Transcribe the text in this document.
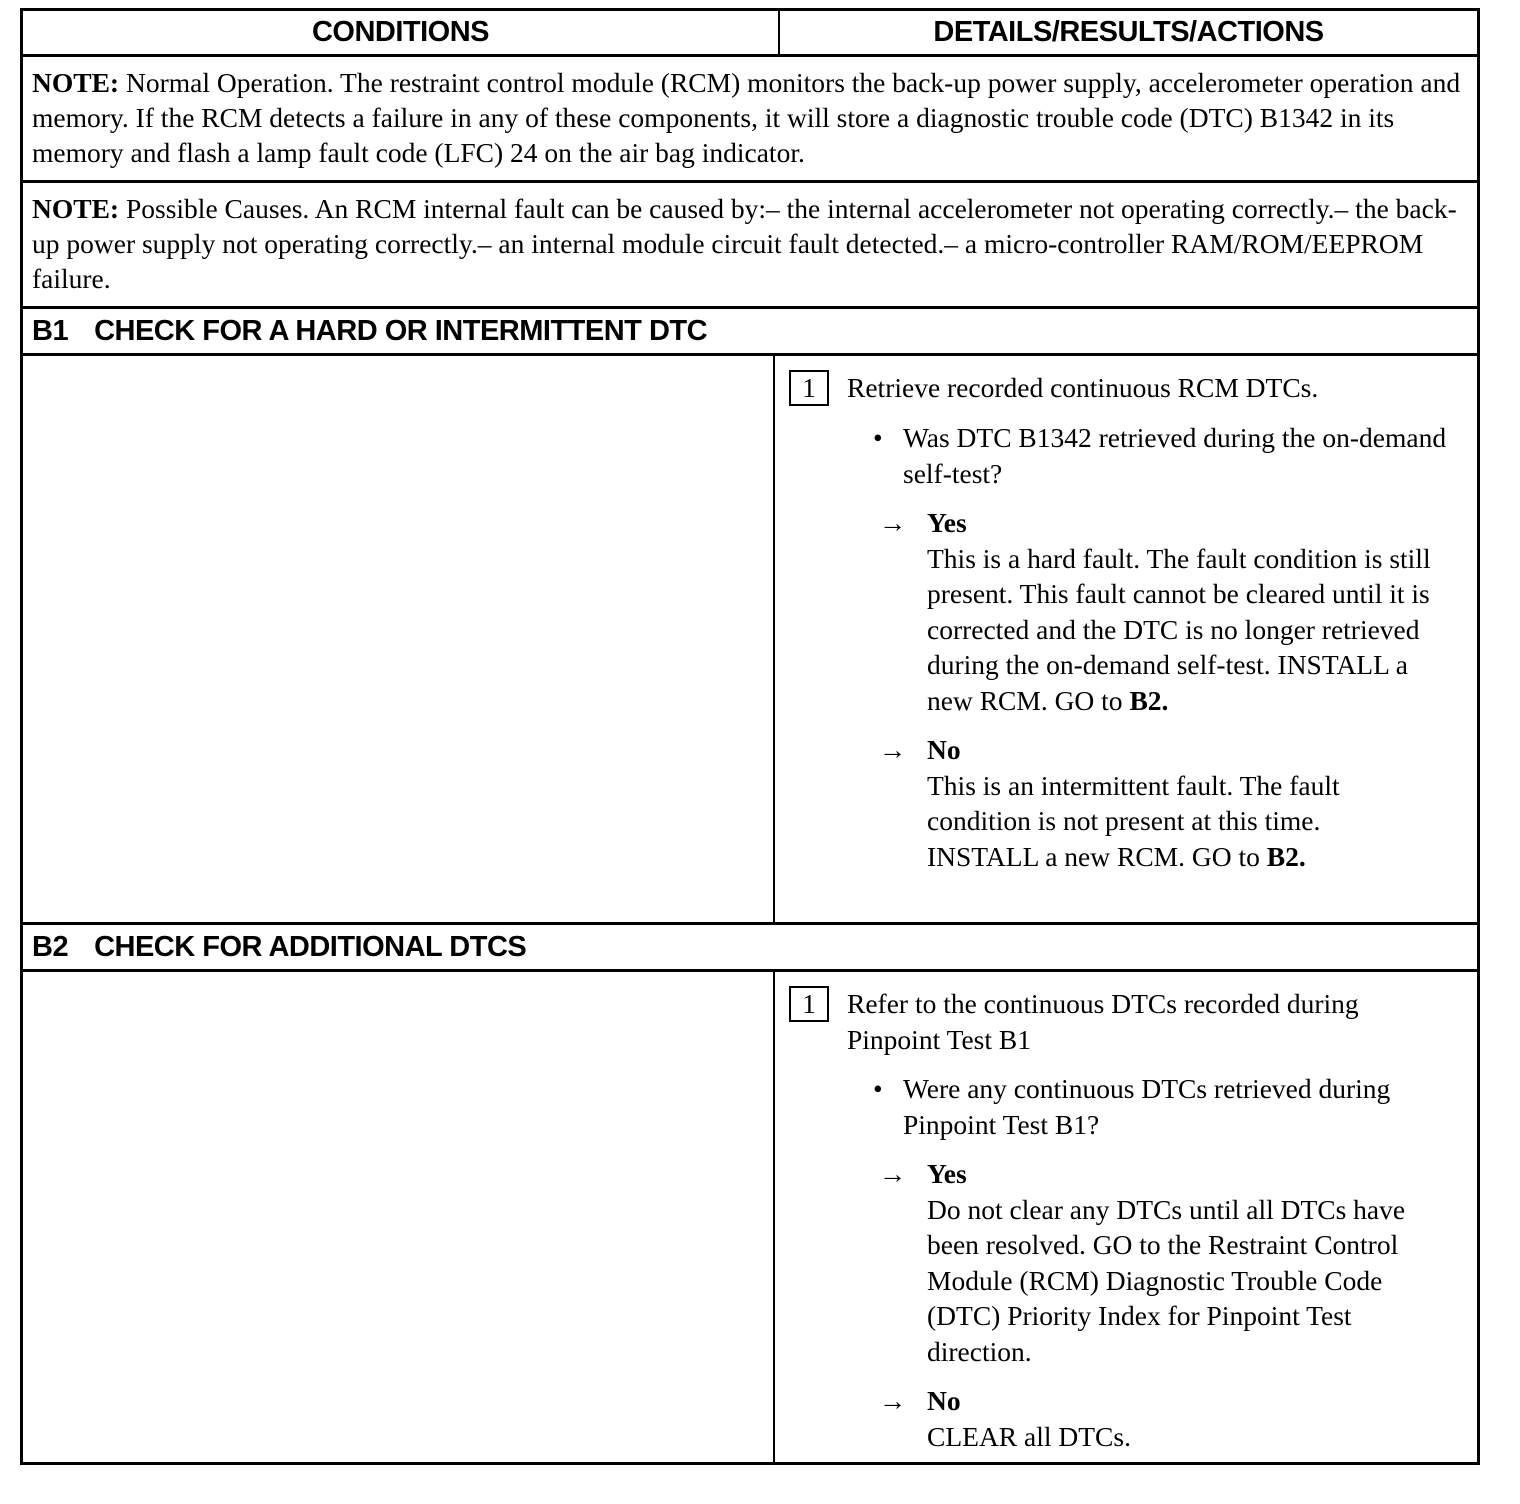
CONDITIONS	DETAILS/RESULTS/ACTIONS
NOTE: Normal Operation. The restraint control module (RCM) monitors the back-up power supply, accelerometer operation and memory. If the RCM detects a failure in any of these components, it will store a diagnostic trouble code (DTC) B1342 in its memory and flash a lamp fault code (LFC) 24 on the air bag indicator.
NOTE: Possible Causes. An RCM internal fault can be caused by:– the internal accelerometer not operating correctly.– the back-up power supply not operating correctly.– an internal module circuit fault detected.– a micro-controller RAM/ROM/EEPROM failure.
B1 CHECK FOR A HARD OR INTERMITTENT DTC
1	Retrieve recorded continuous RCM DTCs.
• Was DTC B1342 retrieved during the on-demand self-test?
→ Yes
This is a hard fault. The fault condition is still present. This fault cannot be cleared until it is corrected and the DTC is no longer retrieved during the on-demand self-test. INSTALL a new RCM. GO to B2.
→ No
This is an intermittent fault. The fault condition is not present at this time. INSTALL a new RCM. GO to B2.
B2 CHECK FOR ADDITIONAL DTCS
1	Refer to the continuous DTCs recorded during Pinpoint Test B1
• Were any continuous DTCs retrieved during Pinpoint Test B1?
→ Yes
Do not clear any DTCs until all DTCs have been resolved. GO to the Restraint Control Module (RCM) Diagnostic Trouble Code (DTC) Priority Index for Pinpoint Test direction.
→ No
CLEAR all DTCs.
